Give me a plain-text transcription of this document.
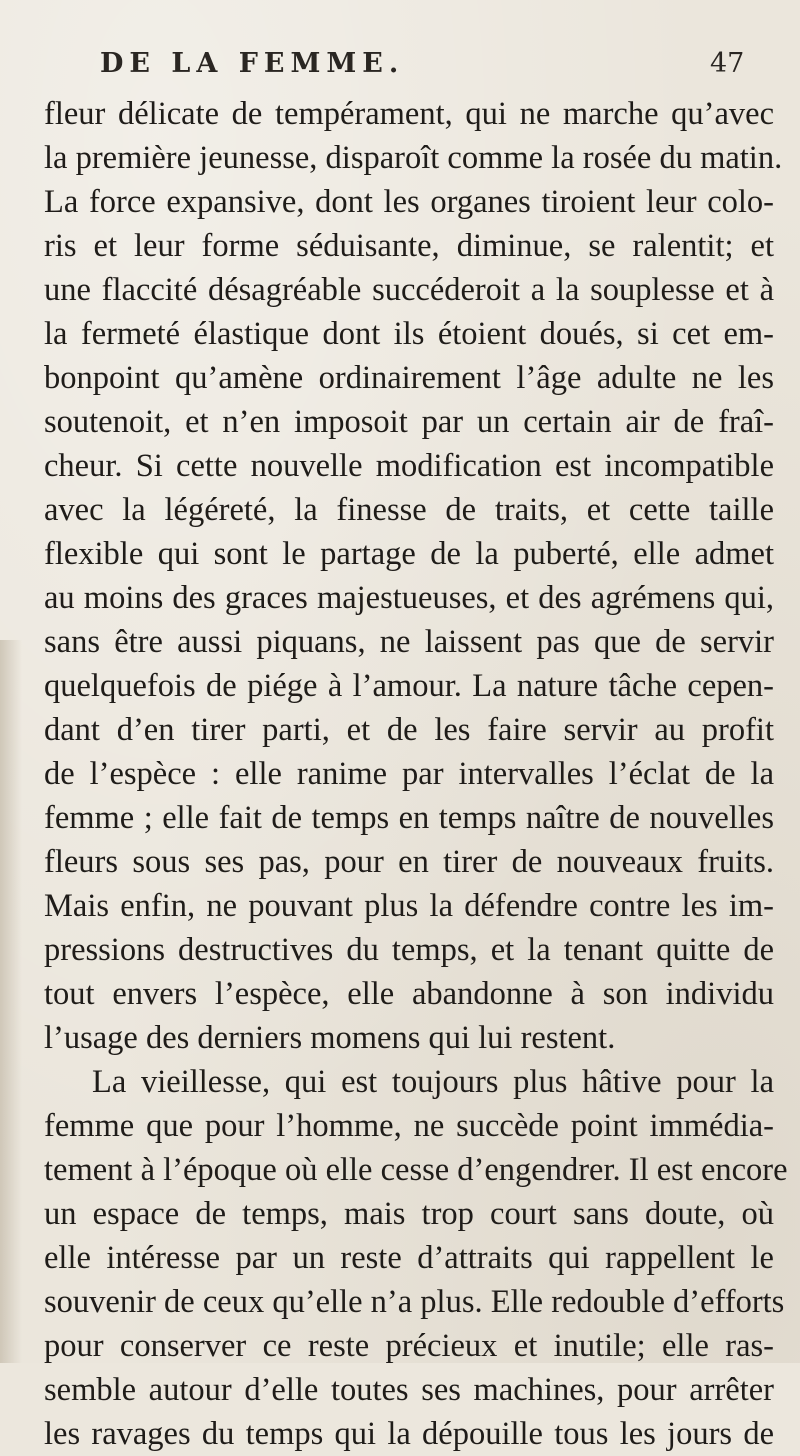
DE LA FEMME.	47
fleur délicate de tempérament, qui ne marche qu’avec
la première jeunesse, disparoît comme la rosée du matin.
La force expansive, dont les organes tiroient leur colo-
ris et leur forme séduisante, diminue, se ralentit; et
une flaccité désagréable succéderoit a la souplesse et à
la fermeté élastique dont ils étoient doués, si cet em-
bonpoint qu’amène ordinairement l’âge adulte ne les
soutenoit, et n’en imposoit par un certain air de fraî-
cheur. Si cette nouvelle modification est incompatible
avec la légéreté, la finesse de traits, et cette taille
flexible qui sont le partage de la puberté, elle admet
au moins des graces majestueuses, et des agrémens qui,
sans être aussi piquans, ne laissent pas que de servir
quelquefois de piége à l’amour. La nature tâche cepen-
dant d’en tirer parti, et de les faire servir au profit
de l’espèce : elle ranime par intervalles l’éclat de la
femme ; elle fait de temps en temps naître de nouvelles
fleurs sous ses pas, pour en tirer de nouveaux fruits.
Mais enfin, ne pouvant plus la défendre contre les im-
pressions destructives du temps, et la tenant quitte de
tout envers l’espèce, elle abandonne à son individu
l’usage des derniers momens qui lui restent.
La vieillesse, qui est toujours plus hâtive pour la
femme que pour l’homme, ne succède point immédia-
tement à l’époque où elle cesse d’engendrer. Il est encore
un espace de temps, mais trop court sans doute, où
elle intéresse par un reste d’attraits qui rappellent le
souvenir de ceux qu’elle n’a plus. Elle redouble d’efforts
pour conserver ce reste précieux et inutile; elle ras-
semble autour d’elle toutes ses machines, pour arrêter
les ravages du temps qui la dépouille tous les jours de
